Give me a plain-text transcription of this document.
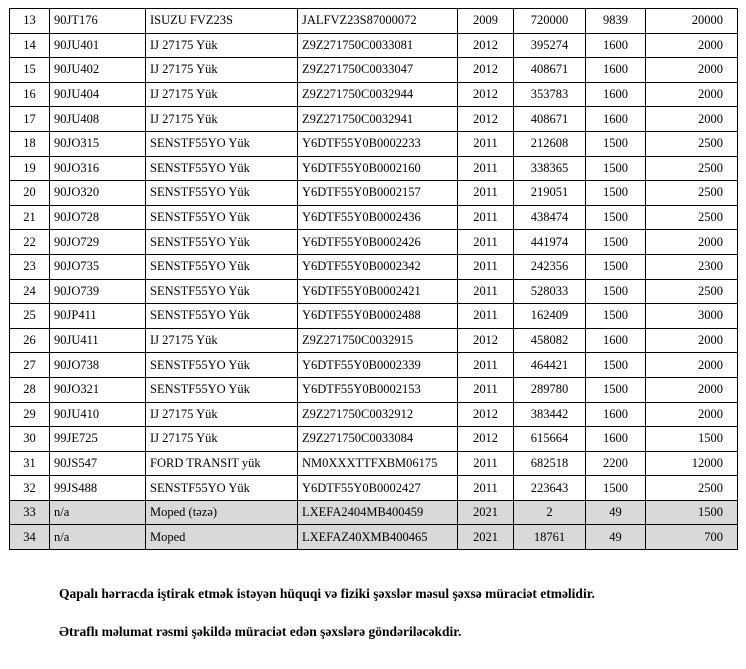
13	90JT176	ISUZU FVZ23S	JALFVZ23S87000072	2009	720000	9839	20000
14	90JU401	IJ 27175 Yük	Z9Z271750C0033081	2012	395274	1600	2000
15	90JU402	IJ 27175 Yük	Z9Z271750C0033047	2012	408671	1600	2000
16	90JU404	IJ 27175 Yük	Z9Z271750C0032944	2012	353783	1600	2000
17	90JU408	IJ 27175 Yük	Z9Z271750C0032941	2012	408671	1600	2000
18	90JO315	SENSTF55YO Yük	Y6DTF55Y0B0002233	2011	212608	1500	2500
19	90JO316	SENSTF55YO Yük	Y6DTF55Y0B0002160	2011	338365	1500	2500
20	90JO320	SENSTF55YO Yük	Y6DTF55Y0B0002157	2011	219051	1500	2500
21	90JO728	SENSTF55YO Yük	Y6DTF55Y0B0002436	2011	438474	1500	2500
22	90JO729	SENSTF55YO Yük	Y6DTF55Y0B0002426	2011	441974	1500	2000
23	90JO735	SENSTF55YO Yük	Y6DTF55Y0B0002342	2011	242356	1500	2300
24	90JO739	SENSTF55YO Yük	Y6DTF55Y0B0002421	2011	528033	1500	2500
25	90JP411	SENSTF55YO Yük	Y6DTF55Y0B0002488	2011	162409	1500	3000
26	90JU411	IJ 27175 Yük	Z9Z271750C0032915	2012	458082	1600	2000
27	90JO738	SENSTF55YO Yük	Y6DTF55Y0B0002339	2011	464421	1500	2000
28	90JO321	SENSTF55YO Yük	Y6DTF55Y0B0002153	2011	289780	1500	2000
29	90JU410	IJ 27175 Yük	Z9Z271750C0032912	2012	383442	1600	2000
30	99JE725	IJ 27175 Yük	Z9Z271750C0033084	2012	615664	1600	1500
31	90JS547	FORD TRANSIT yük	NM0XXXTTFXBM06175	2011	682518	2200	12000
32	99JS488	SENSTF55YO Yük	Y6DTF55Y0B0002427	2011	223643	1500	2500
33	n/a	Moped (təzə)	LXEFA2404MB400459	2021	2	49	1500
34	n/a	Moped	LXEFAZ40XMB400465	2021	18761	49	700
Qapalı hərracda iştirak etmək istəyən hüquqi və fiziki şəxslər məsul şəxsə müraciət etməlidir.
Ətraflı məlumat rəsmi şəkildə müraciət edən şəxslərə göndəriləcəkdir.
